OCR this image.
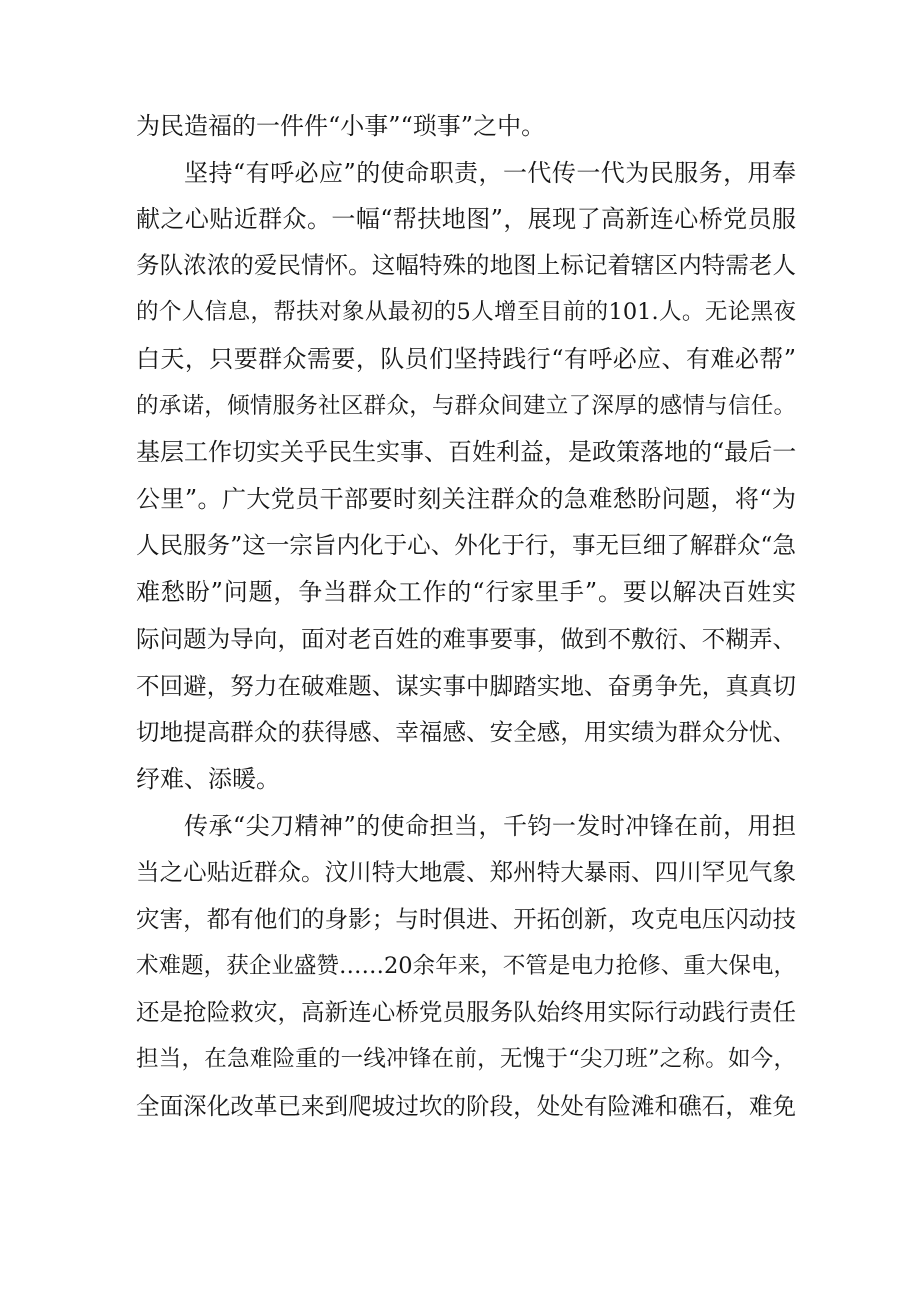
为民造福的一件件“小事”“琐事”之中。
坚持“有呼必应”的使命职责，一代传一代为民服务，用奉
献之心贴近群众。一幅“帮扶地图”，展现了高新连心桥党员服
务队浓浓的爱民情怀。这幅特殊的地图上标记着辖区内特需老人
的个人信息，帮扶对象从最初的5人增至目前的101.人。无论黑夜
白天，只要群众需要，队员们坚持践行“有呼必应、有难必帮”
的承诺，倾情服务社区群众，与群众间建立了深厚的感情与信任。
基层工作切实关乎民生实事、百姓利益，是政策落地的“最后一
公里”。广大党员干部要时刻关注群众的急难愁盼问题，将“为
人民服务”这一宗旨内化于心、外化于行，事无巨细了解群众“急
难愁盼”问题，争当群众工作的“行家里手”。要以解决百姓实
际问题为导向，面对老百姓的难事要事，做到不敷衍、不糊弄、
不回避，努力在破难题、谋实事中脚踏实地、奋勇争先，真真切
切地提高群众的获得感、幸福感、安全感，用实绩为群众分忧、
纾难、添暖。
传承“尖刀精神”的使命担当，千钧一发时冲锋在前，用担
当之心贴近群众。汶川特大地震、郑州特大暴雨、四川罕见气象
灾害，都有他们的身影；与时俱进、开拓创新，攻克电压闪动技
术难题，获企业盛赞……20余年来，不管是电力抢修、重大保电，
还是抢险救灾，高新连心桥党员服务队始终用实际行动践行责任
担当，在急难险重的一线冲锋在前，无愧于“尖刀班”之称。如今，
全面深化改革已来到爬坡过坎的阶段，处处有险滩和礁石，难免
